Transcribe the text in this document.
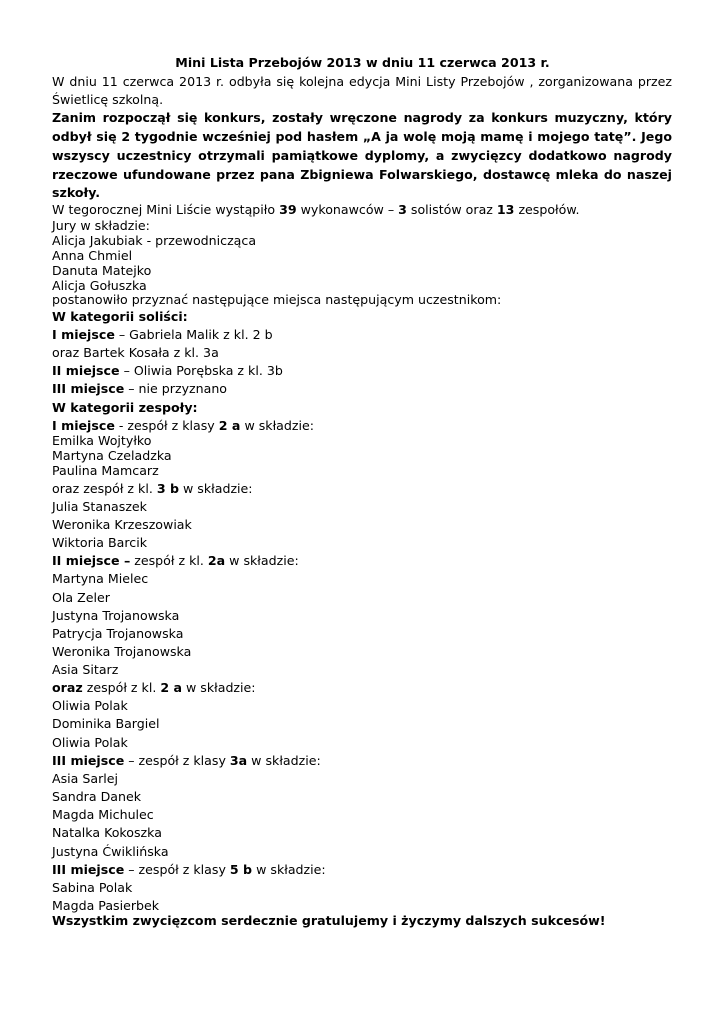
Mini Lista Przebojów 2013 w dniu 11 czerwca 2013 r.
W dniu 11 czerwca 2013 r. odbyła się kolejna edycja Mini Listy Przebojów , zorganizowana przez
Świetlicę szkolną.
Zanim rozpoczął się konkurs, zostały wręczone nagrody za konkurs muzyczny, który
odbył się 2 tygodnie wcześniej pod hasłem „A ja wolę moją mamę i mojego tatę”. Jego
wszyscy uczestnicy otrzymali pamiątkowe dyplomy, a zwycięzcy dodatkowo nagrody
rzeczowe ufundowane przez pana Zbigniewa Folwarskiego, dostawcę mleka do naszej
szkoły.
W tegorocznej Mini Liście wystąpiło 39 wykonawców – 3 solistów oraz 13 zespołów.
Jury w składzie:
Alicja Jakubiak - przewodnicząca
Anna Chmiel
Danuta Matejko
Alicja Gołuszka
postanowiło przyznać następujące miejsca następującym uczestnikom:
W kategorii soliści:
I miejsce – Gabriela Malik z kl. 2 b
oraz Bartek Kosała z kl. 3a
II miejsce – Oliwia Porębska z kl. 3b
III miejsce – nie przyznano
W kategorii zespoły:
I miejsce - zespół z klasy 2 a w składzie:
Emilka Wojtyłko
Martyna Czeladzka
Paulina Mamcarz
oraz zespół z kl. 3 b w składzie:
Julia Stanaszek
Weronika Krzeszowiak
Wiktoria Barcik
II miejsce – zespół z kl. 2a w składzie:
Martyna Mielec
Ola Zeler
Justyna Trojanowska
Patrycja Trojanowska
Weronika Trojanowska
Asia Sitarz
oraz zespół z kl. 2 a w składzie:
Oliwia Polak
Dominika Bargiel
Oliwia Polak
III miejsce – zespół z klasy 3a w składzie:
Asia Sarlej
Sandra Danek
Magda Michulec
Natalka Kokoszka
Justyna Ćwiklińska
III miejsce – zespół z klasy 5 b w składzie:
Sabina Polak
Magda Pasierbek
Wszystkim zwycięzcom serdecznie gratulujemy i życzymy dalszych sukcesów!
